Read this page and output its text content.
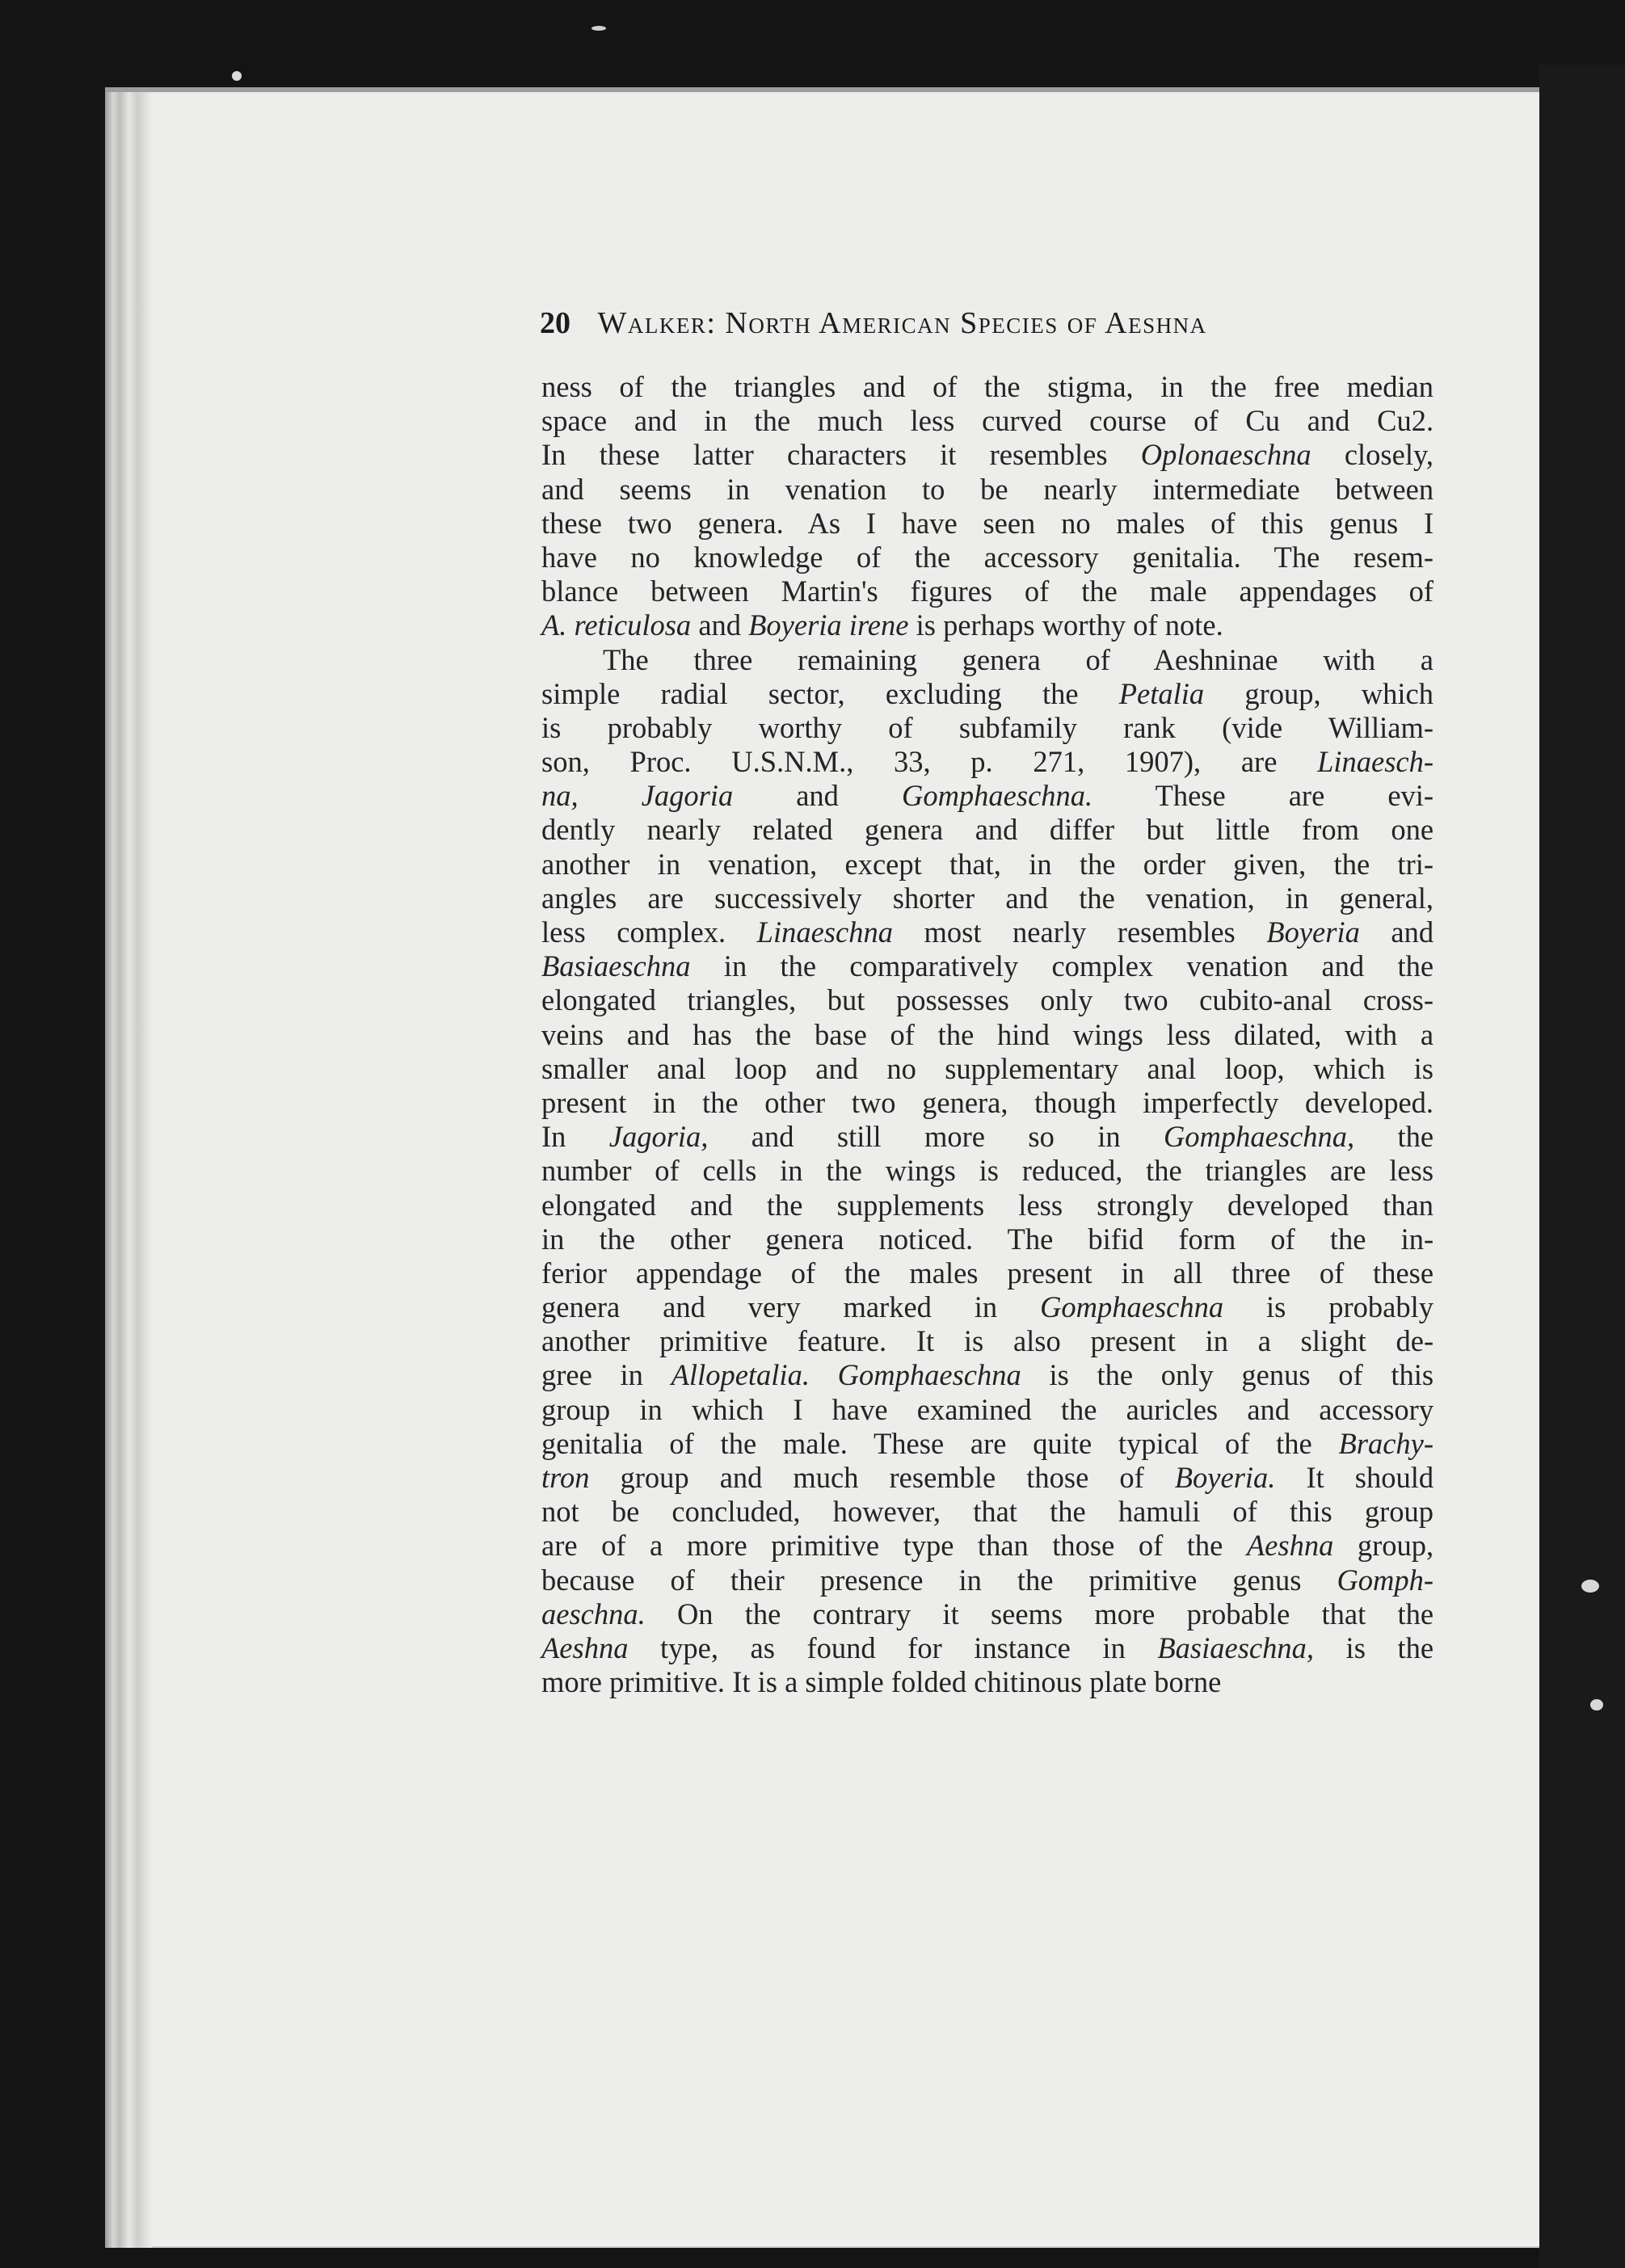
20 Walker: North American Species of Aeshna
ness of the triangles and of the stigma, in the free median
space and in the much less curved course of Cu and Cu2.
In these latter characters it resembles Oplonaeschna closely,
and seems in venation to be nearly intermediate between
these two genera. As I have seen no males of this genus I
have no knowledge of the accessory genitalia. The resem-
blance between Martin's figures of the male appendages of
A. reticulosa and Boyeria irene is perhaps worthy of note.
The three remaining genera of Aeshninae with a
simple radial sector, excluding the Petalia group, which
is probably worthy of subfamily rank (vide William-
son, Proc. U.S.N.M., 33, p. 271, 1907), are Linaesch-
na, Jagoria and Gomphaeschna. These are evi-
dently nearly related genera and differ but little from one
another in venation, except that, in the order given, the tri-
angles are successively shorter and the venation, in general,
less complex. Linaeschna most nearly resembles Boyeria and
Basiaeschna in the comparatively complex venation and the
elongated triangles, but possesses only two cubito-anal cross-
veins and has the base of the hind wings less dilated, with a
smaller anal loop and no supplementary anal loop, which is
present in the other two genera, though imperfectly developed.
In Jagoria, and still more so in Gomphaeschna, the
number of cells in the wings is reduced, the triangles are less
elongated and the supplements less strongly developed than
in the other genera noticed. The bifid form of the in-
ferior appendage of the males present in all three of these
genera and very marked in Gomphaeschna is probably
another primitive feature. It is also present in a slight de-
gree in Allopetalia. Gomphaeschna is the only genus of this
group in which I have examined the auricles and accessory
genitalia of the male. These are quite typical of the Brachy-
tron group and much resemble those of Boyeria. It should
not be concluded, however, that the hamuli of this group
are of a more primitive type than those of the Aeshna group,
because of their presence in the primitive genus Gomph-
aeschna. On the contrary it seems more probable that the
Aeshna type, as found for instance in Basiaeschna, is the
more primitive. It is a simple folded chitinous plate borne
